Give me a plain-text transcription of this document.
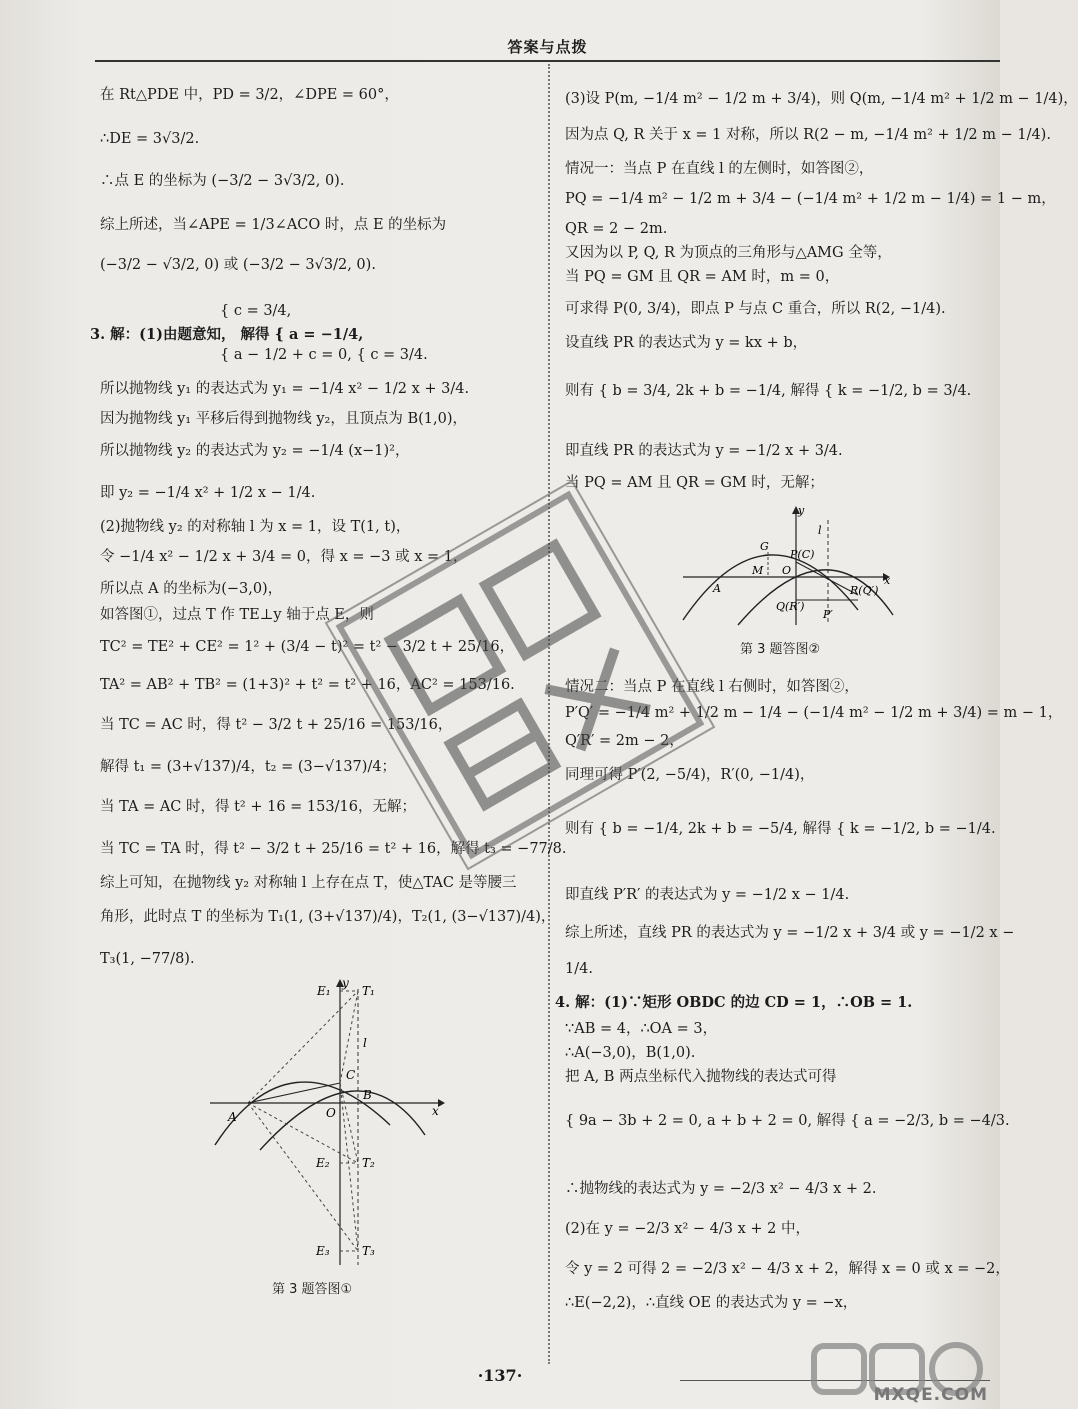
答案与点拨
在 Rt△PDE 中，PD = 3/2，∠DPE = 60°，
∴DE = 3√3/2.
∴点 E 的坐标为 (−3/2 − 3√3/2, 0).
综上所述，当∠APE = 1/3∠ACO 时，点 E 的坐标为
(−3/2 − √3/2, 0) 或 (−3/2 − 3√3/2, 0).
{ c = 3/4,
3. 解：(1)由题意知， 解得 { a = −1/4,
{ a − 1/2 + c = 0, { c = 3/4.
所以抛物线 y₁ 的表达式为 y₁ = −1/4 x² − 1/2 x + 3/4.
因为抛物线 y₁ 平移后得到抛物线 y₂，且顶点为 B(1,0)，
所以抛物线 y₂ 的表达式为 y₂ = −1/4 (x−1)²，
即 y₂ = −1/4 x² + 1/2 x − 1/4.
(2)抛物线 y₂ 的对称轴 l 为 x = 1，设 T(1, t)，
令 −1/4 x² − 1/2 x + 3/4 = 0，得 x = −3 或 x = 1，
所以点 A 的坐标为(−3,0)，
如答图①，过点 T 作 TE⊥y 轴于点 E，则
TC² = TE² + CE² = 1² + (3/4 − t)² = t² − 3/2 t + 25/16，
TA² = AB² + TB² = (1+3)² + t² = t² + 16，AC² = 153/16.
当 TC = AC 时，得 t² − 3/2 t + 25/16 = 153/16，
解得 t₁ = (3+√137)/4，t₂ = (3−√137)/4；
当 TA = AC 时，得 t² + 16 = 153/16，无解；
当 TC = TA 时，得 t² − 3/2 t + 25/16 = t² + 16，解得 t₃ = −77/8.
综上可知，在抛物线 y₂ 对称轴 l 上存在点 T，使△TAC 是等腰三
角形，此时点 T 的坐标为 T₁(1, (3+√137)/4)，T₂(1, (3−√137)/4)，
T₃(1, −77/8).
y
E₁	T₁
l
C
B
O
A	x
E₂	T₂
E₃	T₃
第 3 题答图①
(3)设 P(m, −1/4 m² − 1/2 m + 3/4)，则 Q(m, −1/4 m² + 1/2 m − 1/4)，
因为点 Q, R 关于 x = 1 对称，所以 R(2 − m, −1/4 m² + 1/2 m − 1/4).
情况一：当点 P 在直线 l 的左侧时，如答图②，
PQ = −1/4 m² − 1/2 m + 3/4 − (−1/4 m² + 1/2 m − 1/4) = 1 − m，
QR = 2 − 2m.
又因为以 P, Q, R 为顶点的三角形与△AMG 全等，
当 PQ = GM 且 QR = AM 时，m = 0，
可求得 P(0, 3/4)，即点 P 与点 C 重合，所以 R(2, −1/4).
设直线 PR 的表达式为 y = kx + b，
则有 { b = 3/4, 2k + b = −1/4, 解得 { k = −1/2, b = 3/4.
即直线 PR 的表达式为 y = −1/2 x + 3/4.
当 PQ = AM 且 QR = GM 时，无解；
y
l
G
P(C)
M O
A
x
Q(R′)
R(Q′)
P′
第 3 题答图②
情况二：当点 P 在直线 l 右侧时，如答图②，
P′Q′ = −1/4 m² + 1/2 m − 1/4 − (−1/4 m² − 1/2 m + 3/4) = m − 1，
Q′R′ = 2m − 2，
同理可得 P′(2, −5/4)，R′(0, −1/4)，
则有 { b = −1/4, 2k + b = −5/4, 解得 { k = −1/2, b = −1/4.
即直线 P′R′ 的表达式为 y = −1/2 x − 1/4.
综上所述，直线 PR 的表达式为 y = −1/2 x + 3/4 或 y = −1/2 x −
1/4.
4. 解：(1)∵矩形 OBDC 的边 CD = 1，∴OB = 1.
∵AB = 4，∴OA = 3，
∴A(−3,0)，B(1,0).
把 A, B 两点坐标代入抛物线的表达式可得
{ 9a − 3b + 2 = 0, a + b + 2 = 0, 解得 { a = −2/3, b = −4/3.
∴抛物线的表达式为 y = −2/3 x² − 4/3 x + 2.
(2)在 y = −2/3 x² − 4/3 x + 2 中，
令 y = 2 可得 2 = −2/3 x² − 4/3 x + 2，解得 x = 0 或 x = −2，
∴E(−2,2)，∴直线 OE 的表达式为 y = −x，
·137·
MXQE.COM
